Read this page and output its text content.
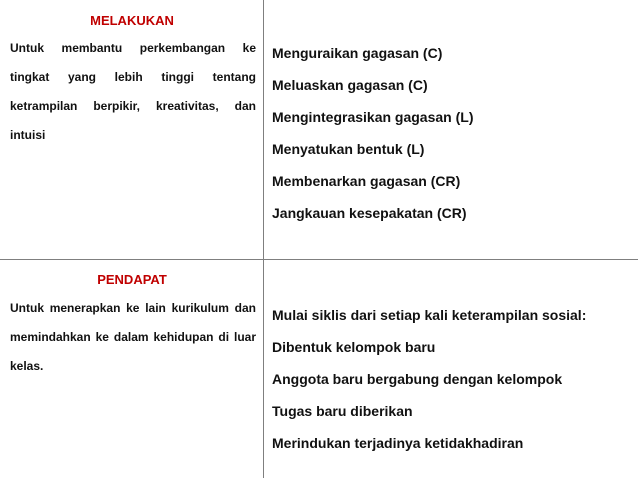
MELAKUKAN

Untuk membantu perkembangan ke tingkat yang lebih tinggi tentang ketrampilan berpikir, kreativitas, dan intuisi

Menguraikan gagasan (C)
Meluaskan gagasan (C)
Mengintegrasikan gagasan (L)
Menyatukan bentuk (L)
Membenarkan gagasan (CR)
Jangkauan kesepakatan (CR)
PENDAPAT

Untuk menerapkan ke lain kurikulum dan memindahkan ke dalam kehidupan di luar kelas.

Mulai siklis dari setiap kali keterampilan sosial:
Dibentuk kelompok baru
Anggota baru bergabung dengan kelompok
Tugas baru diberikan
Merindukan terjadinya ketidakhadiran
